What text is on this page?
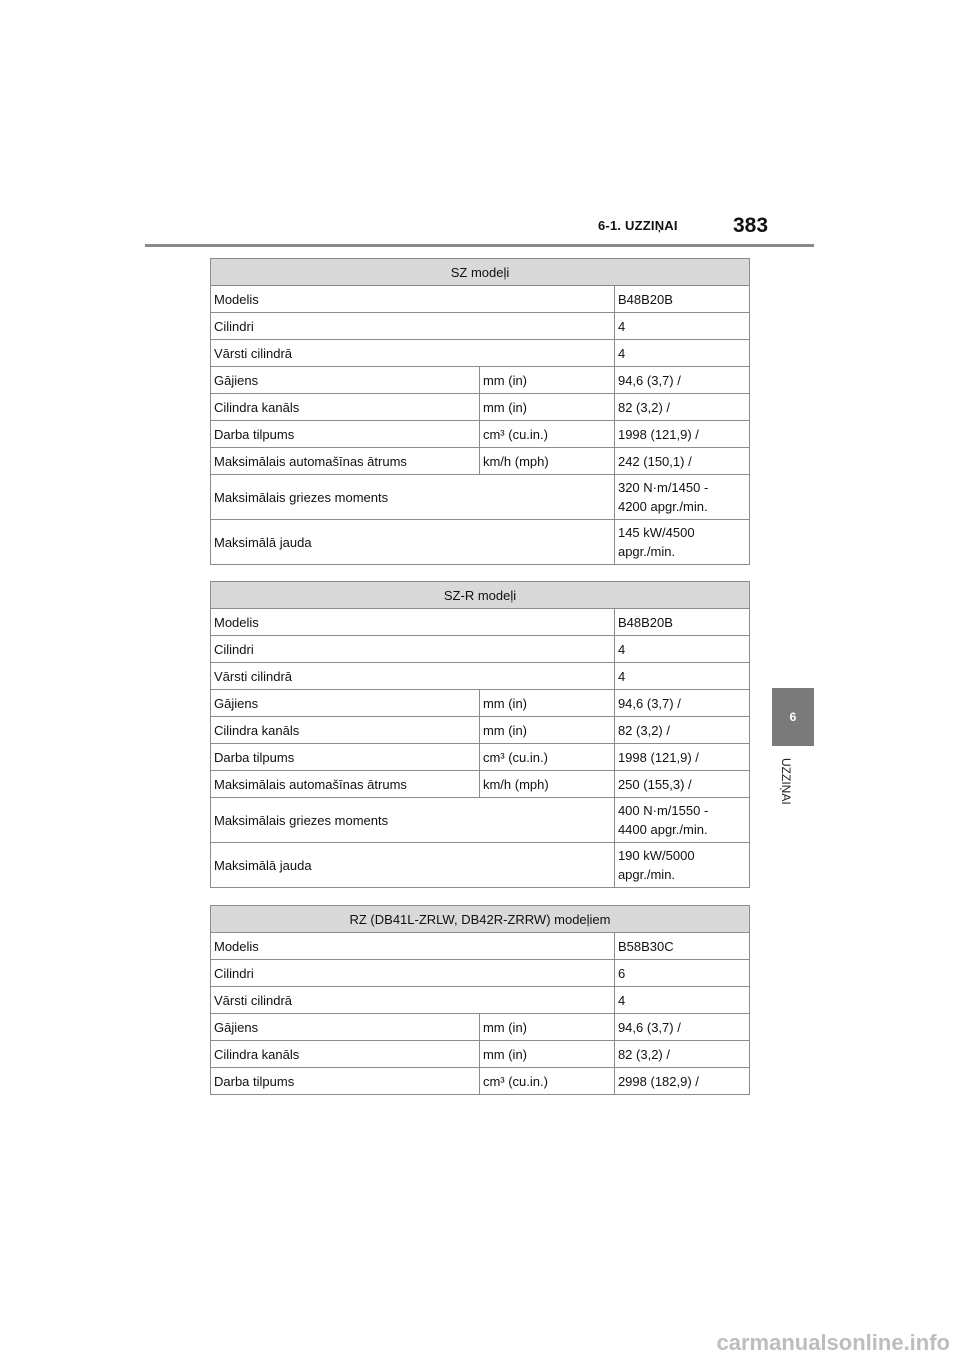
6-1. UZZIŅAI	383
6
UZZIŅAI
SZ modeļi		
Modelis		B48B20B
Cilindri		4
Vārsti cilindrā		4
Gājiens	mm (in)	94,6 (3,7) /
Cilindra kanāls	mm (in)	82 (3,2) /
Darba tilpums	cm³ (cu.in.)	1998 (121,9) /
Maksimālais automašīnas ātrums	km/h (mph)	242 (150,1) /
Maksimālais griezes moments		320 N·m/1450 -
4200 apgr./min.
Maksimālā jauda		145 kW/4500
apgr./min.
SZ-R modeļi		
Modelis		B48B20B
Cilindri		4
Vārsti cilindrā		4
Gājiens	mm (in)	94,6 (3,7) /
Cilindra kanāls	mm (in)	82 (3,2) /
Darba tilpums	cm³ (cu.in.)	1998 (121,9) /
Maksimālais automašīnas ātrums	km/h (mph)	250 (155,3) /
Maksimālais griezes moments		400 N·m/1550 -
4400 apgr./min.
Maksimālā jauda		190 kW/5000
apgr./min.
RZ (DB41L-ZRLW, DB42R-ZRRW) modeļiem		
Modelis		B58B30C
Cilindri		6
Vārsti cilindrā		4
Gājiens	mm (in)	94,6 (3,7) /
Cilindra kanāls	mm (in)	82 (3,2) /
Darba tilpums	cm³ (cu.in.)	2998 (182,9) /
carmanualsonline.info
